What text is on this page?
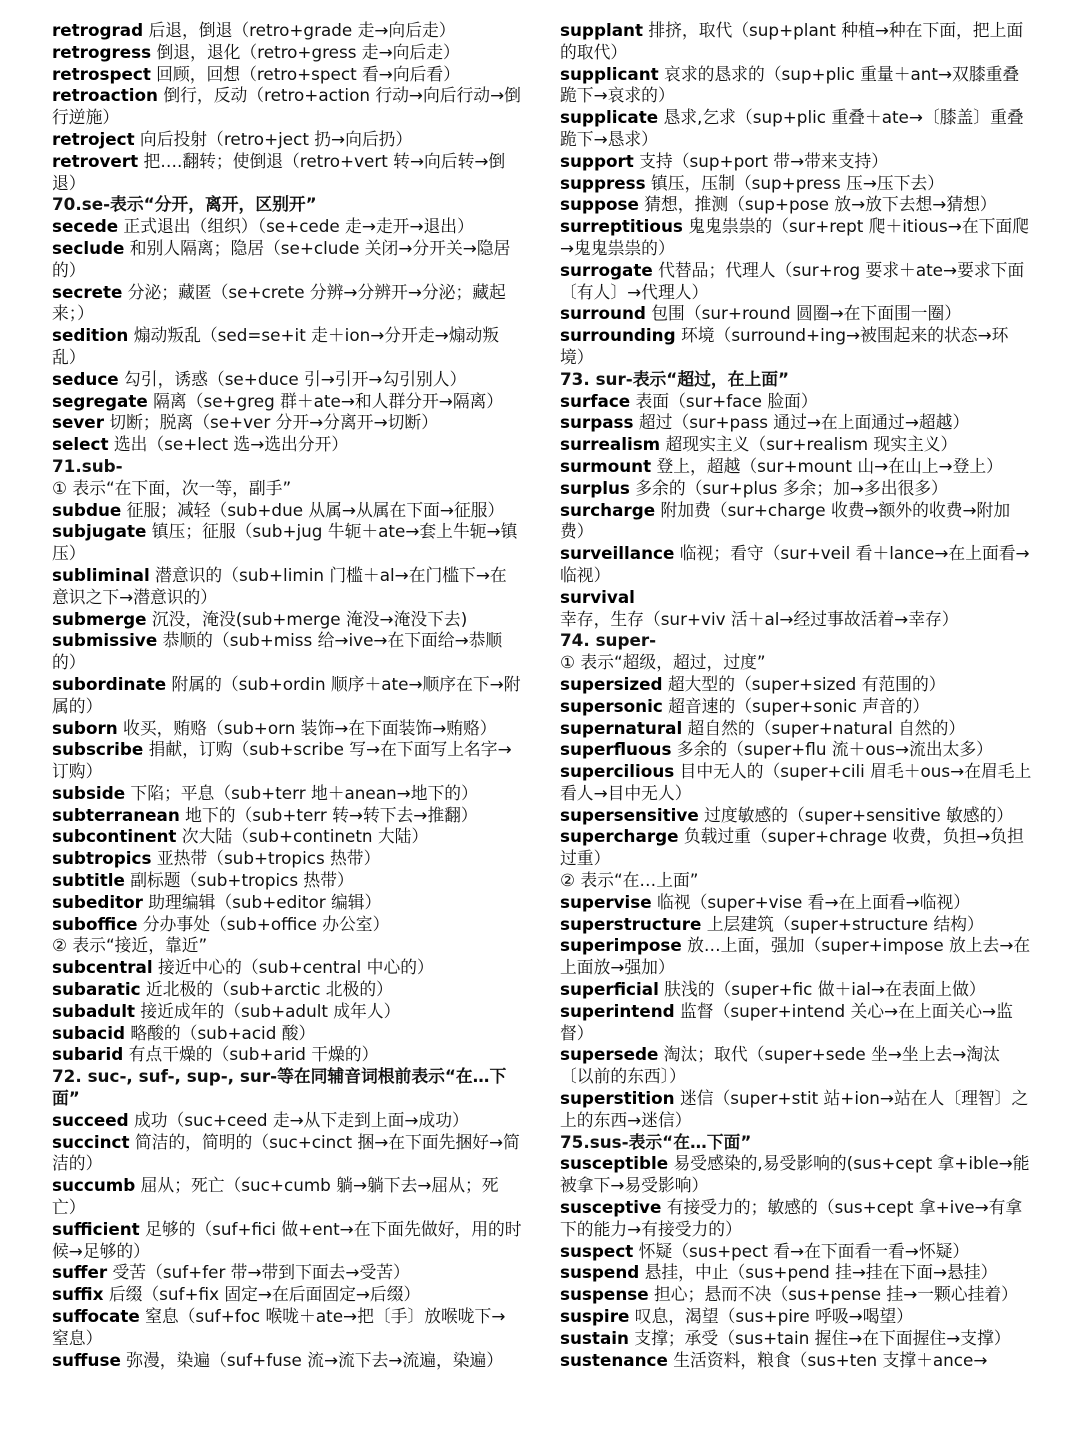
retrograd 后退，倒退（retro+grade 走→向后走）
retrogress 倒退，退化（retro+gress 走→向后走）
retrospect 回顾，回想（retro+spect 看→向后看）
retroaction 倒行，反动（retro+action 行动→向后行动→倒行逆施）
retroject 向后投射（retro+ject 扔→向后扔）
retrovert 把….翻转；使倒退（retro+vert 转→向后转→倒退）
70.se-表示“分开，离开，区别开”
secede 正式退出（组织）（se+cede 走→走开→退出）
seclude 和别人隔离；隐居（se+clude 关闭→分开关→隐居的）
secrete 分泌；藏匿（se+crete 分辨→分辨开→分泌；藏起来；）
sedition 煽动叛乱（sed=se+it 走＋ion→分开走→煽动叛乱）
seduce 勾引，诱惑（se+duce 引→引开→勾引别人）
segregate 隔离（se+greg 群＋ate→和人群分开→隔离）
sever 切断；脱离（se+ver 分开→分离开→切断）
select 选出（se+lect 选→选出分开）
71.sub-
① 表示“在下面，次一等，副手”
subdue 征服；减轻（sub+due 从属→从属在下面→征服）
subjugate 镇压；征服（sub+jug 牛轭＋ate→套上牛轭→镇压）
subliminal 潜意识的（sub+limin 门槛＋al→在门槛下→在意识之下→潜意识的）
submerge 沉没，淹没(sub+merge 淹没→淹没下去)
submissive 恭顺的（sub+miss 给→ive→在下面给→恭顺的）
subordinate 附属的（sub+ordin 顺序＋ate→顺序在下→附属的）
suborn 收买，贿赂（sub+orn 装饰→在下面装饰→贿赂）
subscribe 捐献，订购（sub+scribe 写→在下面写上名字→订购）
subside 下陷；平息（sub+terr 地＋anean→地下的）
subterranean 地下的（sub+terr 转→转下去→推翻）
subcontinent 次大陆（sub+continetn 大陆）
subtropics 亚热带（sub+tropics 热带）
subtitle 副标题（sub+tropics 热带）
subeditor 助理编辑（sub+editor 编辑）
suboffice 分办事处（sub+office 办公室）
② 表示“接近，靠近”
subcentral 接近中心的（sub+central 中心的）
subaratic 近北极的（sub+arctic 北极的）
subadult 接近成年的（sub+adult 成年人）
subacid 略酸的（sub+acid 酸）
subarid 有点干燥的（sub+arid 干燥的）
72. suc-, suf-, sup-, sur-等在同辅音词根前表示“在…下面”
succeed 成功（suc+ceed 走→从下走到上面→成功）
succinct 简洁的，简明的（suc+cinct 捆→在下面先捆好→简洁的）
succumb 屈从；死亡（suc+cumb 躺→躺下去→屈从；死亡）
sufficient 足够的（suf+fici 做+ent→在下面先做好，用的时候→足够的）
suffer 受苦（suf+fer 带→带到下面去→受苦）
suffix 后缀（suf+fix 固定→在后面固定→后缀）
suffocate 窒息（suf+foc 喉咙＋ate→把〔手〕放喉咙下→窒息）
suffuse 弥漫，染遍（suf+fuse 流→流下去→流遍，染遍）
supplant 排挤，取代（sup+plant 种植→种在下面，把上面的取代）
supplicant 哀求的恳求的（sup+plic 重量＋ant→双膝重叠跪下→哀求的）
supplicate 恳求,乞求（sup+plic 重叠＋ate→〔膝盖〕重叠跪下→恳求）
support 支持（sup+port 带→带来支持）
suppress 镇压，压制（sup+press 压→压下去）
suppose 猜想，推测（sup+pose 放→放下去想→猜想）
surreptitious 鬼鬼祟祟的（sur+rept 爬＋itious→在下面爬→鬼鬼祟祟的）
surrogate 代替品；代理人（sur+rog 要求＋ate→要求下面〔有人〕→代理人）
surround 包围（sur+round 圆圈→在下面围一圈）
surrounding 环境（surround+ing→被围起来的状态→环境）
73. sur-表示“超过，在上面”
surface 表面（sur+face 脸面）
surpass 超过（sur+pass 通过→在上面通过→超越）
surrealism 超现实主义（sur+realism 现实主义）
surmount 登上，超越（sur+mount 山→在山上→登上）
surplus 多余的（sur+plus 多余；加→多出很多）
surcharge 附加费（sur+charge 收费→额外的收费→附加费）
surveillance 临视；看守（sur+veil 看＋lance→在上面看→临视）
survival 幸存，生存（sur+viv 活＋al→经过事故活着→幸存）
74. super-
① 表示“超级，超过，过度”
supersized 超大型的（super+sized 有范围的）
supersonic 超音速的（super+sonic 声音的）
supernatural 超自然的（super+natural 自然的）
superfluous 多余的（super+flu 流＋ous→流出太多）
supercilious 目中无人的（super+cili 眉毛＋ous→在眉毛上看人→目中无人）
supersensitive 过度敏感的（super+sensitive 敏感的）
supercharge 负载过重（super+chrage 收费，负担→负担过重）
② 表示“在…上面”
supervise 临视（super+vise 看→在上面看→临视）
superstructure 上层建筑（super+structure 结构）
superimpose 放…上面，强加（super+impose 放上去→在上面放→强加）
superficial 肤浅的（super+fic 做＋ial→在表面上做）
superintend 监督（super+intend 关心→在上面关心→监督）
supersede 淘汰；取代（super+sede 坐→坐上去→淘汰〔以前的东西〕）
superstition 迷信（super+stit 站+ion→站在人〔理智〕之上的东西→迷信）
75.sus-表示“在…下面”
susceptible 易受感染的,易受影响的(sus+cept 拿+ible→能被拿下→易受影响）
susceptive 有接受力的；敏感的（sus+cept 拿+ive→有拿下的能力→有接受力的）
suspect 怀疑（sus+pect 看→在下面看一看→怀疑）
suspend 悬挂，中止（sus+pend 挂→挂在下面→悬挂）
suspense 担心；悬而不决（sus+pense 挂→一颗心挂着）
suspire 叹息，渴望（sus+pire 呼吸→喝望）
sustain 支撑；承受（sus+tain 握住→在下面握住→支撑）
sustenance 生活资料，粮食（sus+ten 支撑＋ance→
